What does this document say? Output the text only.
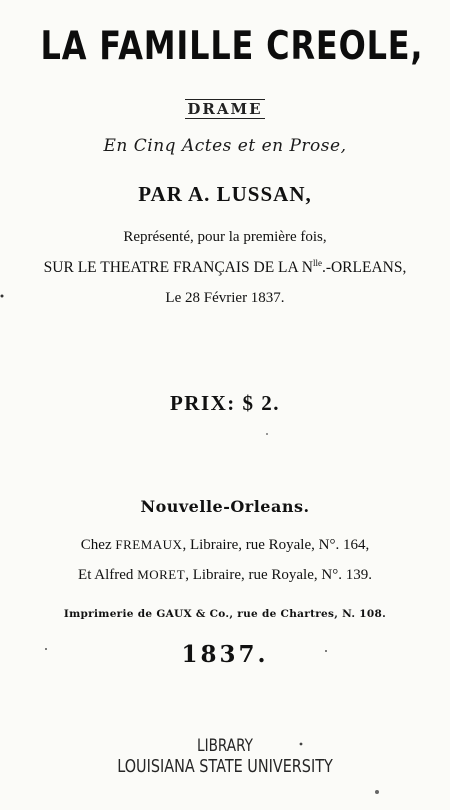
LA FAMILLE CREOLE,
DRAME
En Cinq Actes et en Prose,
PAR A. LUSSAN,
Représenté, pour la première fois,
SUR LE THEATRE FRANÇAIS DE LA $N^{lle}$.-ORLEANS,
Le 28 Février 1837.
PRIX: $ 2.
Nouvelle-Orleans.
Chez FREMAUX, Libraire, rue Royale, N°. 164,
Et Alfred MORET, Libraire, rue Royale, N°. 139.
Imprimerie de GAUX & Co., rue de Chartres, N. 108.
1837.
LIBRARY
LOUISIANA STATE UNIVERSITY
